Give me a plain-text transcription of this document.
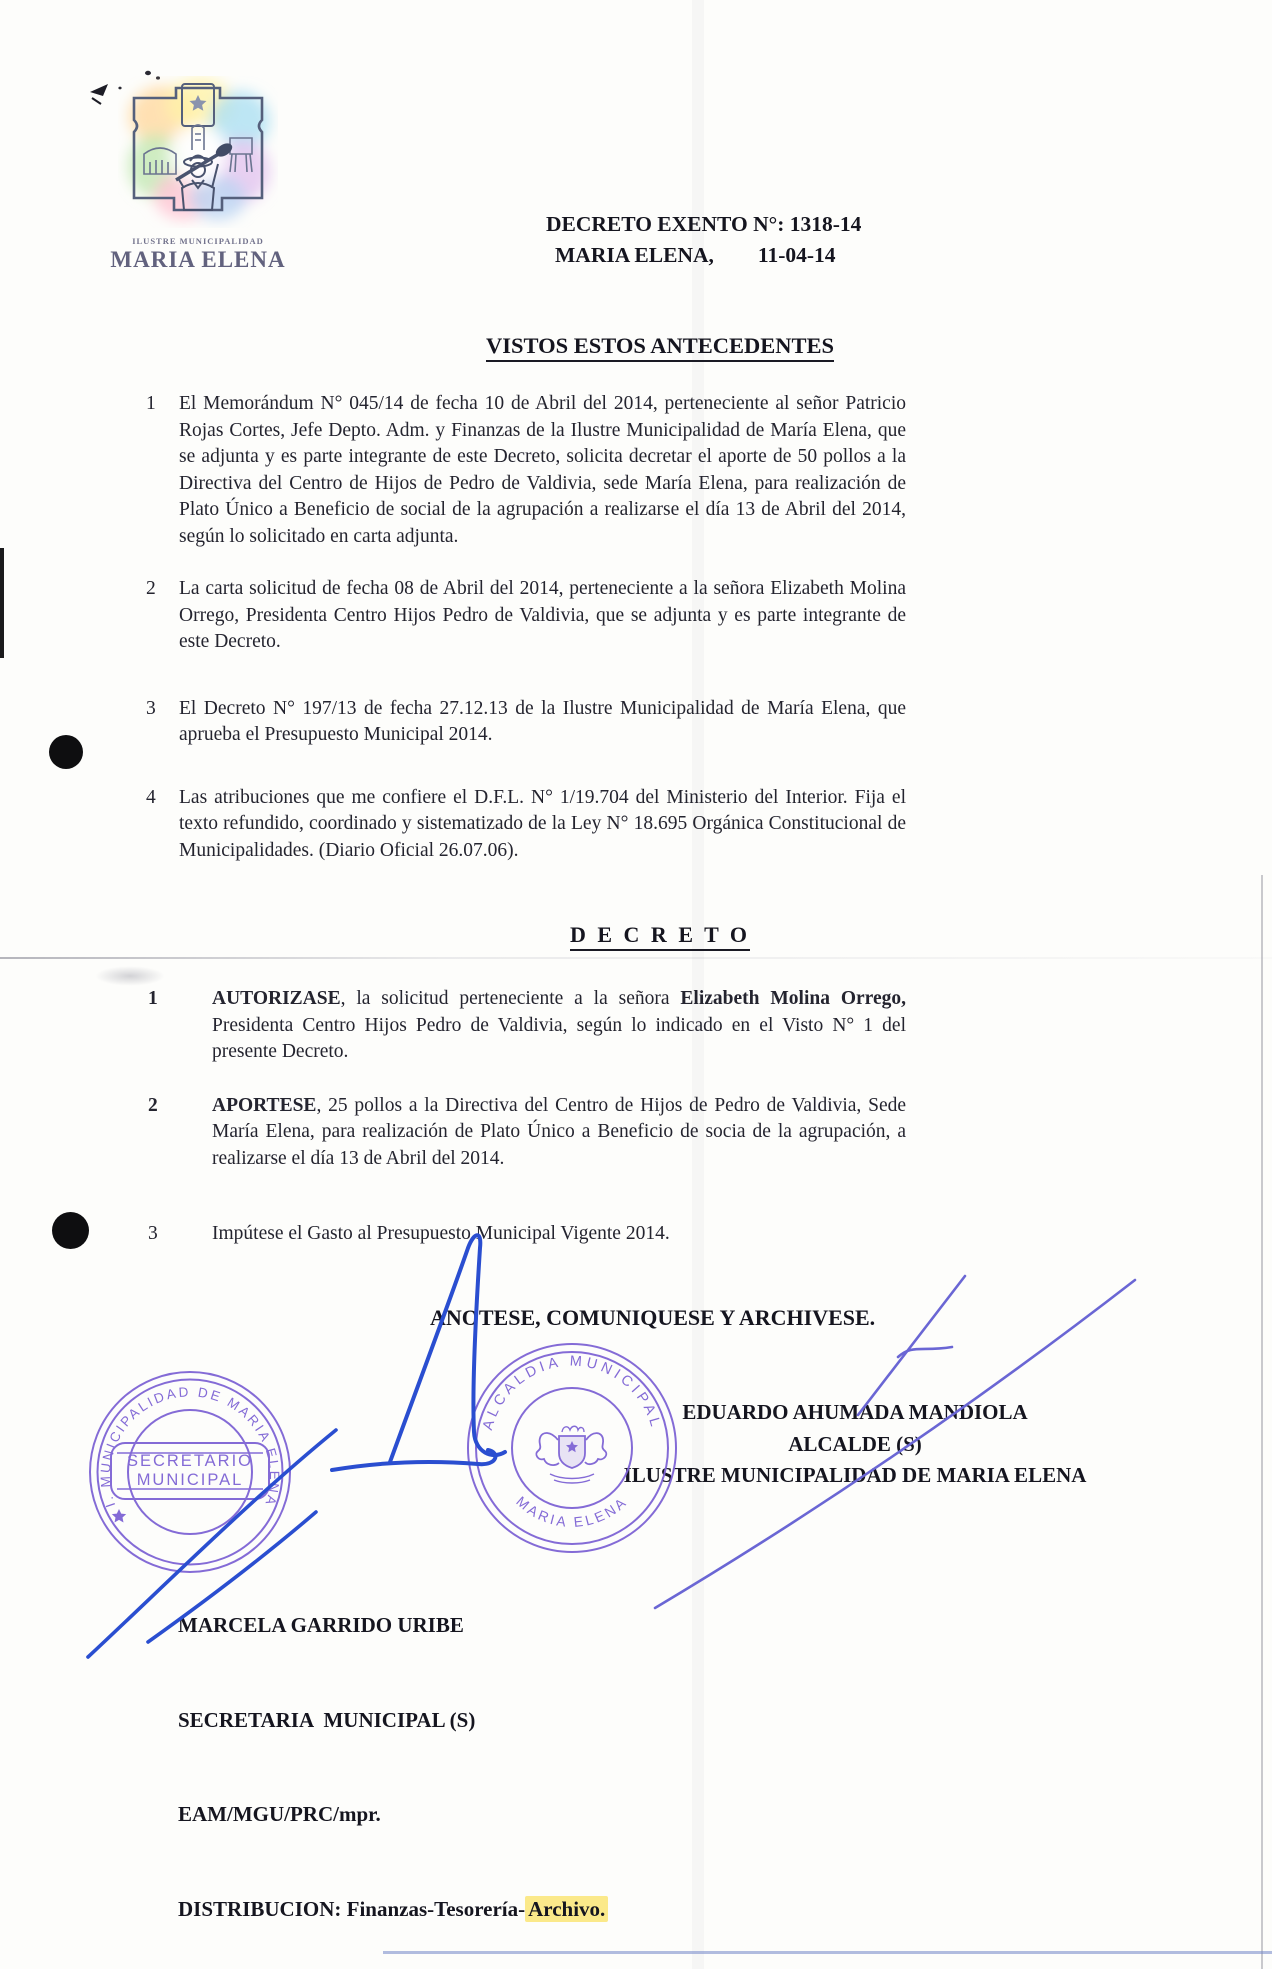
ILUSTRE MUNICIPALIDAD
MARIA ELENA
DECRETO EXENTO N°: 1318-14
MARIA ELENA, 11-04-14
VISTOS ESTOS ANTECEDENTES
1	El Memorándum N° 045/14 de fecha 10 de Abril del 2014, perteneciente al señor Patricio Rojas Cortes, Jefe Depto. Adm. y Finanzas de la Ilustre Municipalidad de María Elena, que se adjunta y es parte integrante de este Decreto, solicita decretar el aporte de 50 pollos a la Directiva del Centro de Hijos de Pedro de Valdivia, sede María Elena, para realización de Plato Único a Beneficio de social de la agrupación a realizarse el día 13 de Abril del 2014, según lo solicitado en carta adjunta.
2	La carta solicitud de fecha 08 de Abril del 2014, perteneciente a la señora Elizabeth Molina Orrego, Presidenta Centro Hijos Pedro de Valdivia, que se adjunta y es parte integrante de este Decreto.
3	El Decreto N° 197/13 de fecha 27.12.13 de la Ilustre Municipalidad de María Elena, que aprueba el Presupuesto Municipal 2014.
4	Las atribuciones que me confiere el D.F.L. N° 1/19.704 del Ministerio del Interior. Fija el texto refundido, coordinado y sistematizado de la Ley N° 18.695 Orgánica Constitucional de Municipalidades. (Diario Oficial 26.07.06).
D E C R E T O
1	AUTORIZASE, la solicitud perteneciente a la señora Elizabeth Molina Orrego, Presidenta Centro Hijos Pedro de Valdivia, según lo indicado en el Visto N° 1 del presente Decreto.
2	APORTESE, 25 pollos a la Directiva del Centro de Hijos de Pedro de Valdivia, Sede María Elena, para realización de Plato Único a Beneficio de socia de la agrupación, a realizarse el día 13 de Abril del 2014.
3	Impútese el Gasto al Presupuesto Municipal Vigente 2014.
ANOTESE, COMUNIQUESE Y ARCHIVESE.
EDUARDO AHUMADA MANDIOLA
ALCALDE (S)
ILUSTRE MUNICIPALIDAD DE MARIA ELENA

MARCELA GARRIDO URIBE

SECRETARIA  MUNICIPAL (S)

EAM/MGU/PRC/mpr.

DISTRIBUCION: Finanzas-Tesorería- Archivo.

I. MUNICIPALIDAD DE MARIA ELENA
SECRETARIO
MUNICIPAL
ALCALDIA MUNICIPAL
MARIA ELENA
